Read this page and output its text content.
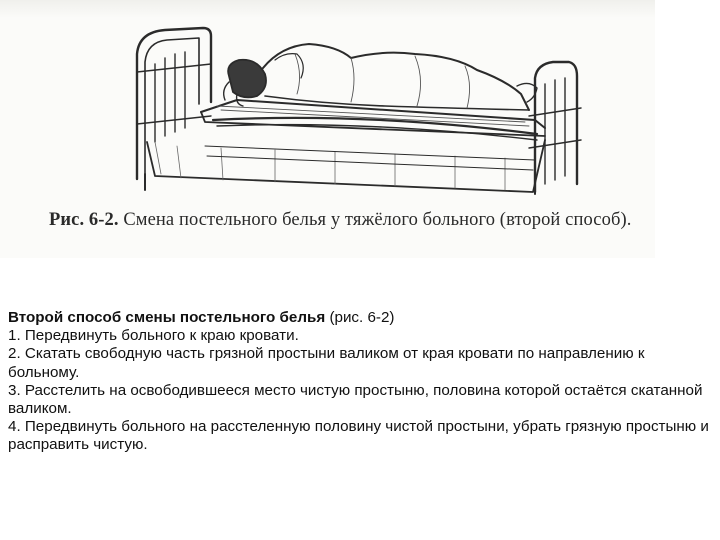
Рис. 6-2. Смена постельного белья у тяжёлого больного (второй способ).

Второй способ смены постельного белья (рис. 6-2)

1. Передвинуть больного к краю кровати.

2. Скатать свободную часть грязной простыни валиком от края кровати по направлению к больному.

3. Расстелить на освободившееся место чистую простыню, половина которой остаётся скатанной валиком.

4. Передвинуть больного на расстеленную половину чистой простыни, убрать грязную простыню и расправить чистую.
